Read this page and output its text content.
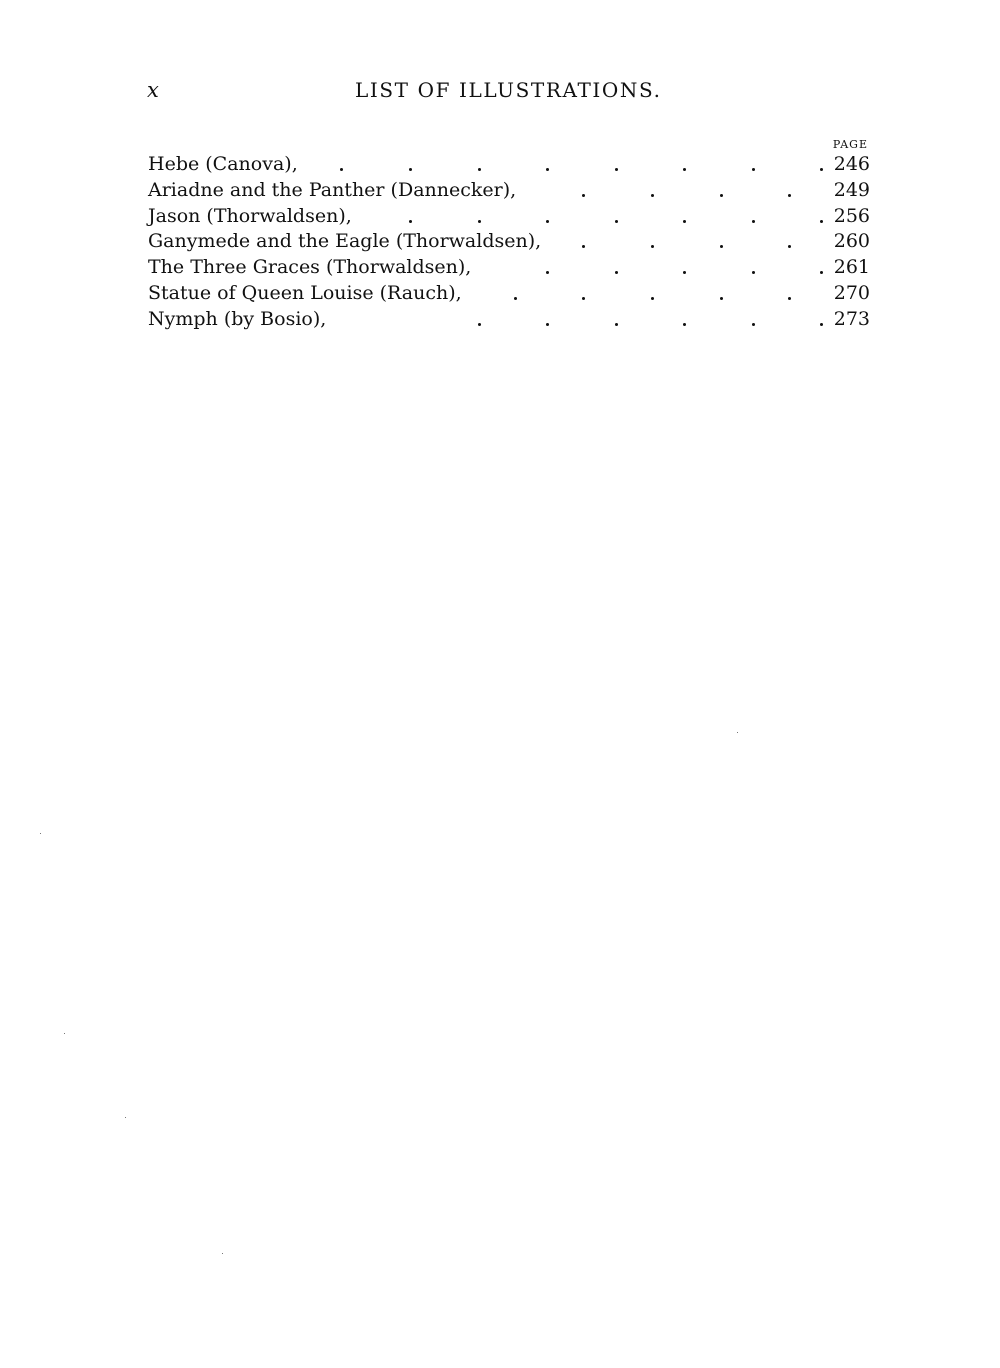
x	LIST OF ILLUSTRATIONS.
PAGE
Hebe (Canova),	246
Ariadne and the Panther (Dannecker),	249
Jason (Thorwaldsen),	256
Ganymede and the Eagle (Thorwaldsen),	260
The Three Graces (Thorwaldsen),	261
Statue of Queen Louise (Rauch),	270
Nymph (by Bosio),	273
